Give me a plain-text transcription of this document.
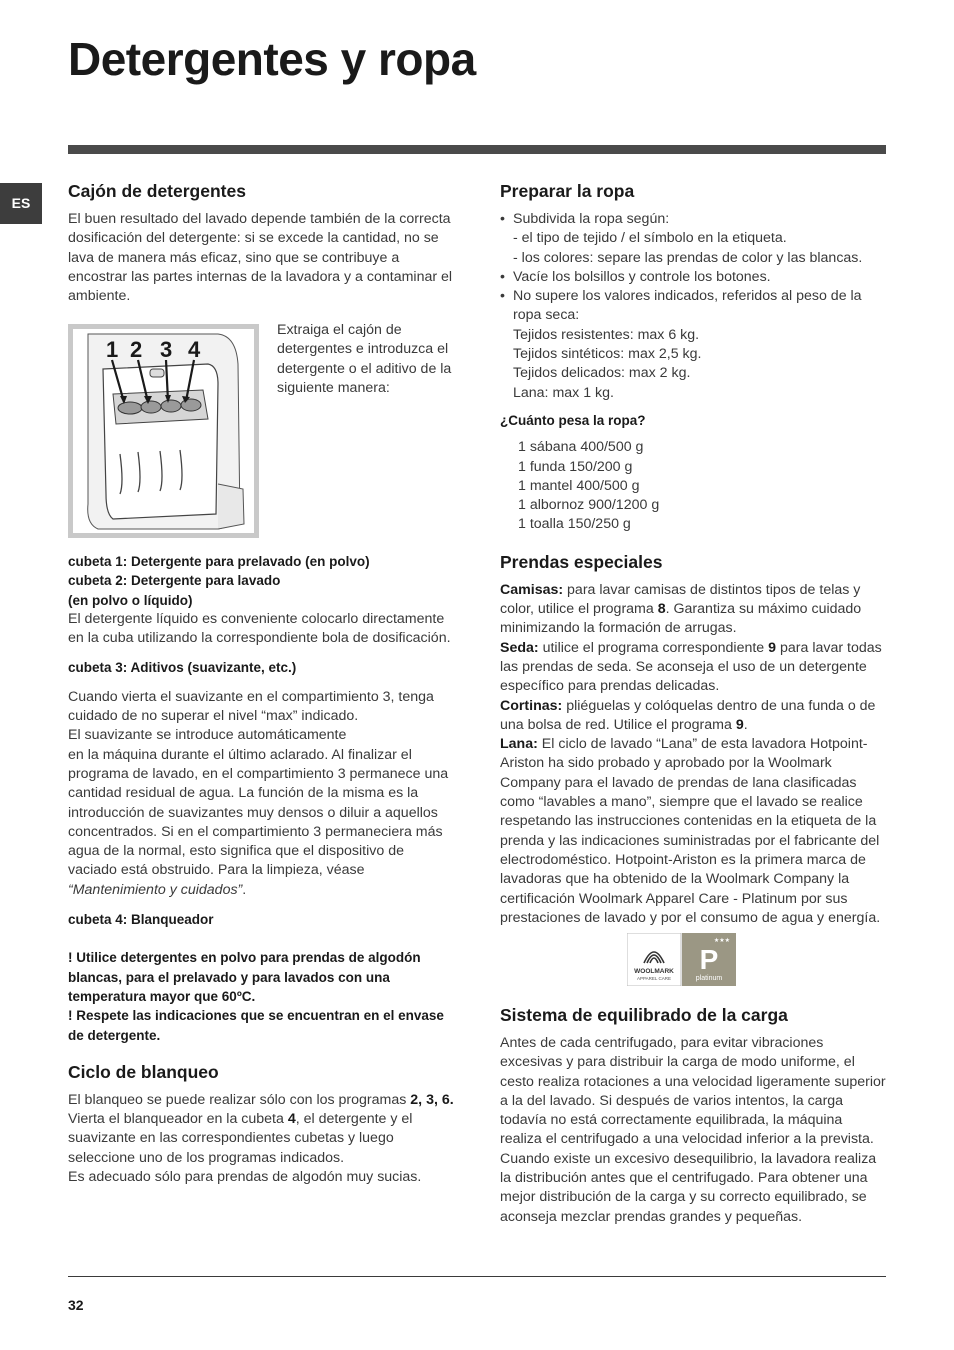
Detergentes y ropa
ES
Cajón de detergentes

El buen resultado del lavado depende también de la correcta dosificación del detergente: si se excede la cantidad, no se lava de manera más eficaz, sino que se contribuye a encostrar las partes internas de la lavadora y a contaminar el ambiente.

1 2 3 4

Extraiga el cajón de detergentes e introduzca el detergente o el aditivo de la siguiente manera:

cubeta 1: Detergente para prelavado (en polvo)

cubeta 2: Detergente para lavado

(en polvo o líquido)

El detergente líquido es conveniente colocarlo directamente en la cuba utilizando la correspondiente bola de dosificación.

cubeta 3: Aditivos (suavizante, etc.)

Cuando vierta el suavizante en el compartimiento 3, tenga cuidado de no superar el nivel “max” indicado.

El suavizante se introduce automáticamente

en la máquina durante el último aclarado. Al finalizar el programa de lavado, en el compartimiento 3 permanece una cantidad residual de agua. La función de la misma es la introducción de suavizantes muy densos o diluir a aquellos concentrados. Si en el compartimiento 3 permaneciera más agua de la normal, esto significa que el dispositivo de vaciado está obstruido. Para la limpieza, véase “Mantenimiento y cuidados”.

cubeta 4: Blanqueador

! Utilice detergentes en polvo para prendas de algodón blancas, para el prelavado y para lavados con una temperatura mayor que 60ºC.

! Respete las indicaciones que se encuentran en el envase de detergente.

Ciclo de blanqueo

El blanqueo se puede realizar sólo con los programas 2, 3, 6.

Vierta el blanqueador en la cubeta 4, el detergente y el suavizante en las correspondientes cubetas y luego seleccione uno de los programas indicados.

Es adecuado sólo para prendas de algodón muy sucias.

Preparar la ropa
• Subdivida la ropa según:
- el tipo de tejido / el símbolo en la etiqueta.
- los colores: separe las prendas de color y las blancas.
• Vacíe los bolsillos y controle los botones.
• No supere los valores indicados, referidos al peso de la ropa seca:
Tejidos resistentes: max 6 kg.
Tejidos sintéticos: max 2,5 kg.
Tejidos delicados: max 2 kg.
Lana: max 1 kg.

¿Cuánto pesa la ropa?

1 sábana 400/500 g

1 funda 150/200 g

1 mantel 400/500 g

1 albornoz 900/1200 g

1 toalla 150/250 g

Prendas especiales

Camisas: para lavar camisas de distintos tipos de telas y color, utilice el programa 8. Garantiza su máximo cuidado minimizando la formación de arrugas.

Seda: utilice el programa correspondiente 9 para lavar todas las prendas de seda. Se aconseja el uso de un detergente específico para prendas delicadas.

Cortinas: pliéguelas y colóquelas dentro de una funda o de una bolsa de red. Utilice el programa 9.

Lana: El ciclo de lavado “Lana” de esta lavadora Hotpoint-Ariston ha sido probado y aprobado por la Woolmark Company para el lavado de prendas de lana clasificadas como “lavables a mano”, siempre que el lavado se realice respetando las instrucciones contenidas en la etiqueta de la prenda y las indicaciones suministradas por el fabricante del electrodoméstico. Hotpoint-Ariston es la primera marca de lavadoras que ha obtenido de la Woolmark Company la certificación Woolmark Apparel Care - Platinum por sus prestaciones de lavado y por el consumo de agua y energía.

WOOLMARK
APPAREL CARE
★★★
P
platinum
Sistema de equilibrado de la carga

Antes de cada centrifugado, para evitar vibraciones excesivas y para distribuir la carga de modo uniforme, el cesto realiza rotaciones a una velocidad ligeramente superior a la del lavado. Si después de varios intentos, la carga todavía no está correctamente equilibrada, la máquina realiza el centrifugado a una velocidad inferior a la prevista. Cuando existe un excesivo desequilibrio, la lavadora realiza la distribución antes que el centrifugado. Para obtener una mejor distribución de la carga y su correcto equilibrado, se aconseja mezclar prendas grandes y pequeñas.

32
